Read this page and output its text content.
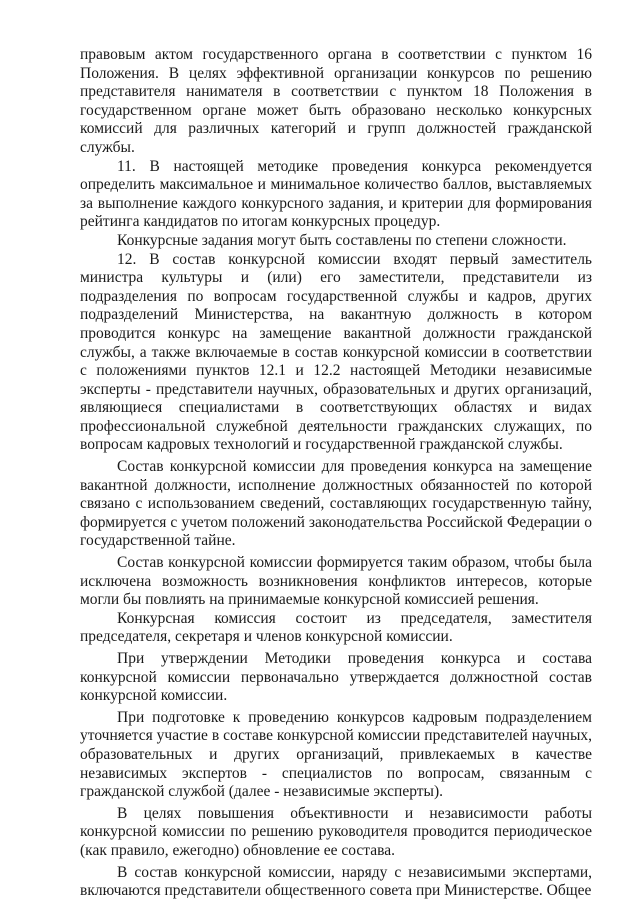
правовым актом государственного органа в соответствии с пунктом 16 Положения. В целях эффективной организации конкурсов по решению представителя нанимателя в соответствии с пунктом 18 Положения в государственном органе может быть образовано несколько конкурсных комиссий для различных категорий и групп должностей гражданской службы.

11. В настоящей методике проведения конкурса рекомендуется определить максимальное и минимальное количество баллов, выставляемых за выполнение каждого конкурсного задания, и критерии для формирования рейтинга кандидатов по итогам конкурсных процедур.

Конкурсные задания могут быть составлены по степени сложности.

12. В состав конкурсной комиссии входят первый заместитель министра культуры и (или) его заместители, представители из подразделения по вопросам государственной службы и кадров, других подразделений Министерства, на вакантную должность в котором проводится конкурс на замещение вакантной должности гражданской службы, а также включаемые в состав конкурсной комиссии в соответствии с положениями пунктов 12.1 и 12.2 настоящей Методики независимые эксперты - представители научных, образовательных и других организаций, являющиеся специалистами в соответствующих областях и видах профессиональной служебной деятельности гражданских служащих, по вопросам кадровых технологий и государственной гражданской службы.

Состав конкурсной комиссии для проведения конкурса на замещение вакантной должности, исполнение должностных обязанностей по которой связано с использованием сведений, составляющих государственную тайну, формируется с учетом положений законодательства Российской Федерации о государственной тайне.

Состав конкурсной комиссии формируется таким образом, чтобы была исключена возможность возникновения конфликтов интересов, которые могли бы повлиять на принимаемые конкурсной комиссией решения.

Конкурсная комиссия состоит из председателя, заместителя председателя, секретаря и членов конкурсной комиссии.

При утверждении Методики проведения конкурса и состава конкурсной комиссии первоначально утверждается должностной состав конкурсной комиссии.

При подготовке к проведению конкурсов кадровым подразделением уточняется участие в составе конкурсной комиссии представителей научных, образовательных и других организаций, привлекаемых в качестве независимых экспертов - специалистов по вопросам, связанным с гражданской службой (далее - независимые эксперты).

В целях повышения объективности и независимости работы конкурсной комиссии по решению руководителя проводится периодическое (как правило, ежегодно) обновление ее состава.

В состав конкурсной комиссии, наряду с независимыми экспертами, включаются представители общественного совета при Министерстве. Общее
